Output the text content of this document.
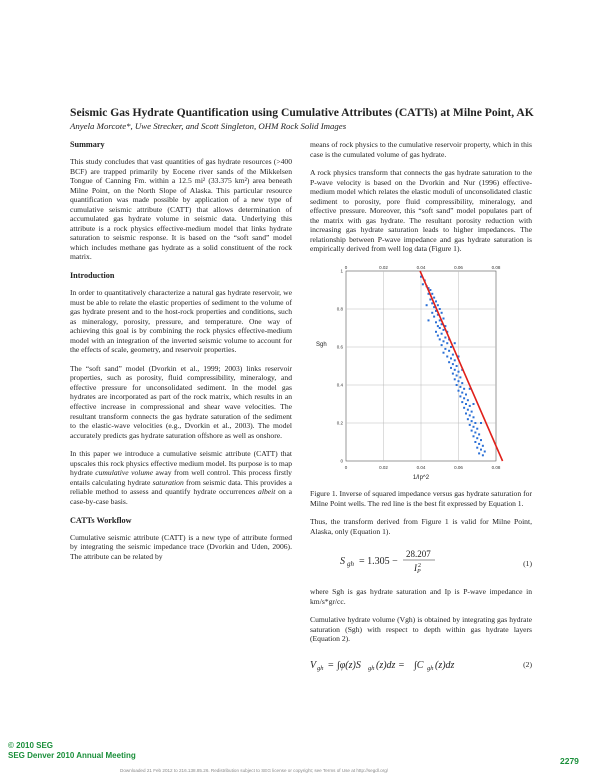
Seismic Gas Hydrate Quantification using Cumulative Attributes (CATTs) at Milne Point, AK
Anyela Morcote*, Uwe Strecker, and Scott Singleton, OHM Rock Solid Images
Summary

This study concludes that vast quantities of gas hydrate resources (>400 BCF) are trapped primarily by Eocene river sands of the Mikkelsen Tongue of Canning Fm. within a 12.5 mi² (33.375 km²) area beneath Milne Point, on the North Slope of Alaska. This particular resource quantification was made possible by application of a new type of cumulative seismic attribute (CATT) that allows determination of accumulated gas hydrate volume in seismic data. Underlying this attribute is a rock physics effective-medium model that links hydrate saturation to seismic response. It is based on the “soft sand” model which includes methane gas hydrate as a solid constituent of the rock matrix.

Introduction

In order to quantitatively characterize a natural gas hydrate reservoir, we must be able to relate the elastic properties of sediment to the volume of gas hydrate present and to the host-rock properties and conditions, such as mineralogy, porosity, pressure, and temperature. One way of achieving this goal is by combining the rock physics effective-medium model with an integration of the inverted seismic volume to account for the effects of scale, geometry, and reservoir properties.

The “soft sand” model (Dvorkin et al., 1999; 2003) links reservoir properties, such as porosity, fluid compressibility, mineralogy, and effective pressure for unconsolidated sediment. In the model gas hydrates are incorporated as part of the rock matrix, which results in an effective increase in compressional and shear wave velocities. The resultant transform connects the gas hydrate saturation of the sediment to the elastic-wave velocities (e.g., Dvorkin et al., 2003). The model accurately predicts gas hydrate saturation offshore as well as onshore.

In this paper we introduce a cumulative seismic attribute (CATT) that upscales this rock physics effective medium model. Its purpose is to map hydrate cumulative volume away from well control. This process firstly entails calculating hydrate saturation from seismic data. This provides a reliable method to assess and quantify hydrate occurrences albeit on a case-by-case basis.

CATTs Workflow

Cumulative seismic attribute (CATT) is a new type of attribute formed by integrating the seismic impedance trace (Dvorkin and Uden, 2006). The attribute can be related by

means of rock physics to the cumulative reservoir property, which in this case is the cumulated volume of gas hydrate.

A rock physics transform that connects the gas hydrate saturation to the P-wave velocity is based on the Dvorkin and Nur (1996) effective-medium model which relates the elastic moduli of unconsolidated clastic sediment to porosity, pore fluid compressibility, mineralogy, and effective pressure. Moreover, this “soft sand” model populates part of the matrix with gas hydrate. The resultant porosity reduction with increasing gas hydrate saturation leads to higher impedances. The relationship between P-wave impedance and gas hydrate saturation is empirically derived from well log data (Figure 1).

0
0
0.02
0.02
0.04
0.04
0.06
0.06
0.08
0.08
1
0.8
0.6
0.4
0.2
0
Sgh
1/Ip^2

Figure 1. Inverse of squared impedance versus gas hydrate saturation for Milne Point wells. The red line is the best fit expressed by Equation 1.

Thus, the transform derived from Figure 1 is valid for Milne Point, Alaska, only (Equation 1).

S gh = 1.305 −
28.207
I P
2	(1)

where Sgh is gas hydrate saturation and Ip is P-wave impedance in km/s*gr/cc.

Cumulative hydrate volume (Vgh) is obtained by integrating gas hydrate saturation (Sgh) with respect to depth within gas hydrate layers (Equation 2).

V gh = ∫φ(z)S gh (z)dz = ∫C gh (z)dz	(2)
© 2010 SEG
SEG Denver 2010 Annual Meeting
2279
Downloaded 21 Feb 2012 to 216.138.85.26. Redistribution subject to SEG license or copyright; see Terms of Use at http://segdl.org/
